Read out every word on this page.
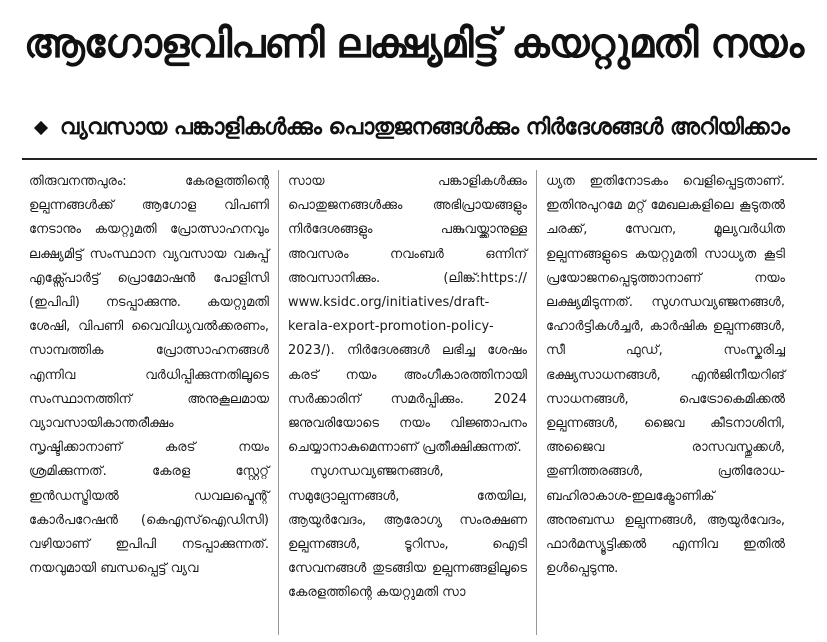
ആഗോളവിപണി ലക്ഷ്യമിട്ട് കയറ്റുമതി നയം
വ്യവസായ പങ്കാളികൾക്കും പൊതുജനങ്ങൾക്കും നിർദേശങ്ങൾ അറിയിക്കാം

തിരുവനന്തപുരം: കേരളത്തിന്റെ ഉല്പന്നങ്ങൾക്ക് ആഗോള വിപണി നേടാനും കയറ്റുമതി പ്രോത്സാഹനവും ലക്ഷ്യമിട്ട് സംസ്ഥാന വ്യവസായ വകുപ്പ് എക്സ്പോർട്ട് പ്രൊമോഷൻ പോളിസി (ഇപിപി) നടപ്പാക്കുന്നു. കയറ്റുമതി ശേഷി, വിപണി വൈവിധ്യവൽക്കരണം, സാമ്പത്തിക പ്രോത്സാഹനങ്ങൾ എന്നിവ വർധിപ്പിക്കുന്നതിലൂടെ സംസ്ഥാനത്തിന് അനുകൂലമായ വ്യാവസായികാന്തരീക്ഷം സൃഷ്ടിക്കാനാണ് കരട് നയം ശ്രമിക്കുന്നത്. കേരള സ്റ്റേറ്റ് ഇൻഡസ്ട്രിയൽ ഡവലപ്മെന്റ് കോർപറേഷൻ (കെഎസ്ഐഡിസി) വഴിയാണ് ഇപിപി നടപ്പാക്കുന്നത്. നയവുമായി ബന്ധപ്പെട്ട് വ്യവ

സായ പങ്കാളികൾക്കും പൊതുജനങ്ങൾക്കും അഭിപ്രായങ്ങളും നിർദേശങ്ങളും പങ്കുവയ്ക്കാനുള്ള അവസരം നവംബർ ഒന്നിന് അവസാനിക്കും. (ലിങ്ക്:https:// www.ksidc.org/initiatives/draft-kerala-export-promotion-policy-2023/). നിർദേശങ്ങൾ ലഭിച്ച ശേഷം കരട് നയം അംഗീകാരത്തിനായി സർക്കാരിന് സമർപ്പിക്കും. 2024 ജനുവരിയോടെ നയം വിജ്ഞാപനം ചെയ്യാനാകുമെന്നാണ് പ്രതീക്ഷിക്കുന്നത്.

സുഗന്ധവ്യഞ്ജനങ്ങൾ, സമുദ്രോല്പന്നങ്ങൾ, തേയില, ആയുർവേദം, ആരോഗ്യ സംരക്ഷണ ഉല്പന്നങ്ങൾ, ടൂറിസം, ഐടി സേവനങ്ങൾ തുടങ്ങിയ ഉല്പന്നങ്ങളിലൂടെ കേരളത്തിന്റെ കയറ്റുമതി സാ

ധ്യത ഇതിനോടകം വെളിപ്പെട്ടതാണ്. ഇതിനുപുറമേ മറ്റ് മേഖലകളിലെ കൂടുതൽ ചരക്ക്, സേവന, മൂല്യവർധിത ഉല്പന്നങ്ങളുടെ കയറ്റുമതി സാധ്യത കൂടി പ്രയോജനപ്പെടുത്താനാണ് നയം ലക്ഷ്യമിടുന്നത്. സുഗന്ധവ്യഞ്ജനങ്ങൾ, ഹോർട്ടികൾച്ചർ, കാർഷിക ഉല്പന്നങ്ങൾ, സീ ഫുഡ്, സംസ്കരിച്ച ഭക്ഷ്യസാധനങ്ങൾ, എൻജിനീയറിങ് സാധനങ്ങൾ, പെട്രോകെമിക്കൽ ഉല്പന്നങ്ങൾ, ജൈവ കീടനാശിനി, അജൈവ രാസവസ്തുക്കൾ, തുണിത്തരങ്ങൾ, പ്രതിരോധ-ബഹിരാകാശ-ഇലക്ട്രോണിക് അനുബന്ധ ഉല്പന്നങ്ങൾ, ആയുർവേദം, ഫാർമസ്യൂട്ടിക്കൽ എന്നിവ ഇതിൽ ഉൾപ്പെടുന്നു.
